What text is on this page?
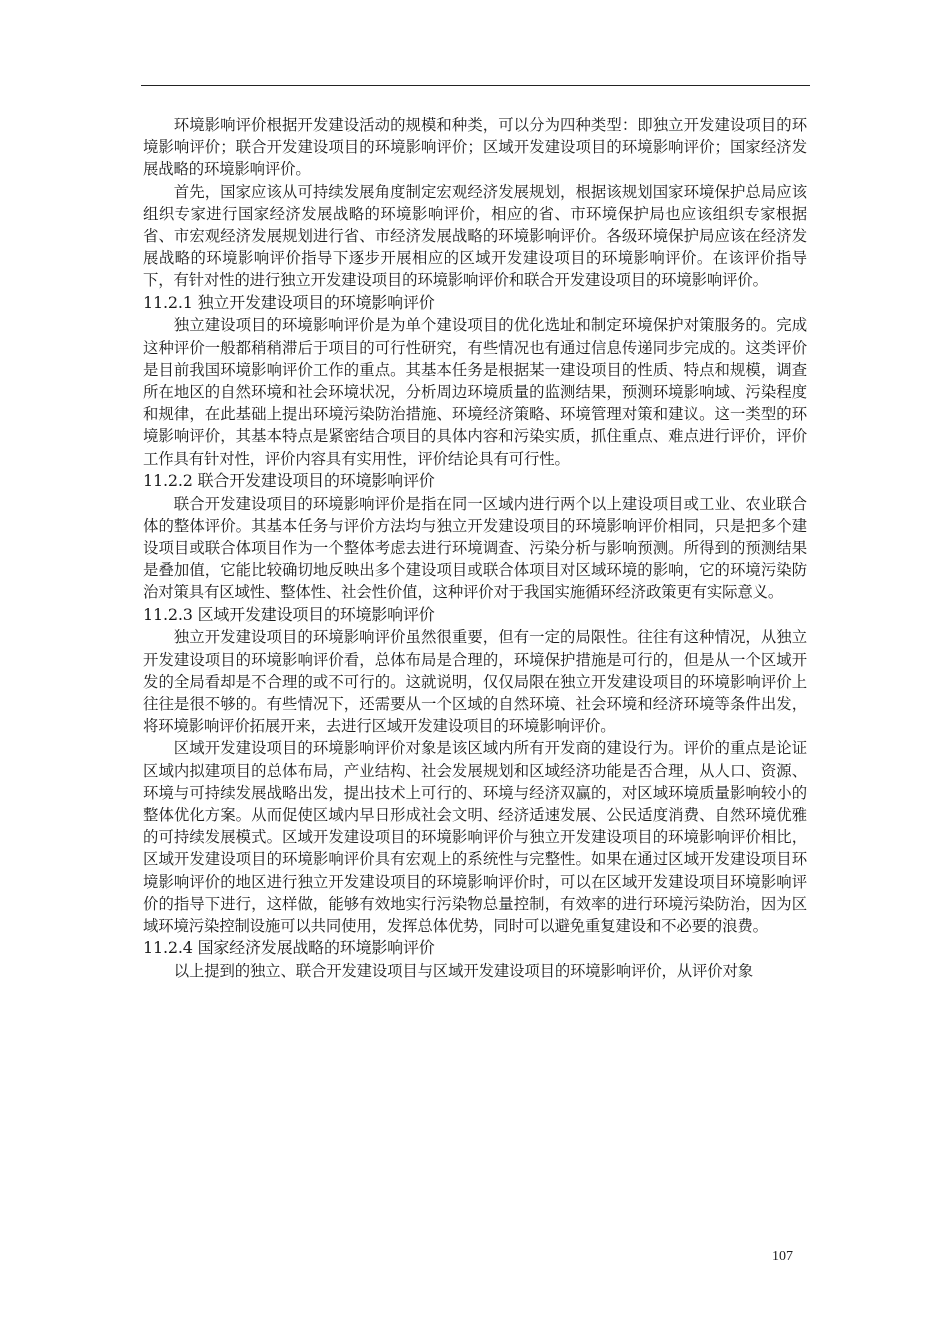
环境影响评价根据开发建设活动的规模和种类，可以分为四种类型：即独立开发建设项目的环境影响评价；联合开发建设项目的环境影响评价；区域开发建设项目的环境影响评价；国家经济发展战略的环境影响评价。

首先，国家应该从可持续发展角度制定宏观经济发展规划，根据该规划国家环境保护总局应该组织专家进行国家经济发展战略的环境影响评价，相应的省、市环境保护局也应该组织专家根据省、市宏观经济发展规划进行省、市经济发展战略的环境影响评价。各级环境保护局应该在经济发展战略的环境影响评价指导下逐步开展相应的区域开发建设项目的环境影响评价。在该评价指导下，有针对性的进行独立开发建设项目的环境影响评价和联合开发建设项目的环境影响评价。

11.2.1 独立开发建设项目的环境影响评价

独立建设项目的环境影响评价是为单个建设项目的优化选址和制定环境保护对策服务的。完成这种评价一般都稍稍滞后于项目的可行性研究，有些情况也有通过信息传递同步完成的。这类评价是目前我国环境影响评价工作的重点。其基本任务是根据某一建设项目的性质、特点和规模，调查所在地区的自然环境和社会环境状况，分析周边环境质量的监测结果，预测环境影响域、污染程度和规律，在此基础上提出环境污染防治措施、环境经济策略、环境管理对策和建议。这一类型的环境影响评价，其基本特点是紧密结合项目的具体内容和污染实质，抓住重点、难点进行评价，评价工作具有针对性，评价内容具有实用性，评价结论具有可行性。

11.2.2 联合开发建设项目的环境影响评价

联合开发建设项目的环境影响评价是指在同一区域内进行两个以上建设项目或工业、农业联合体的整体评价。其基本任务与评价方法均与独立开发建设项目的环境影响评价相同，只是把多个建设项目或联合体项目作为一个整体考虑去进行环境调查、污染分析与影响预测。所得到的预测结果是叠加值，它能比较确切地反映出多个建设项目或联合体项目对区域环境的影响，它的环境污染防治对策具有区域性、整体性、社会性价值，这种评价对于我国实施循环经济政策更有实际意义。

11.2.3 区域开发建设项目的环境影响评价

独立开发建设项目的环境影响评价虽然很重要，但有一定的局限性。往往有这种情况，从独立开发建设项目的环境影响评价看，总体布局是合理的，环境保护措施是可行的，但是从一个区域开发的全局看却是不合理的或不可行的。这就说明，仅仅局限在独立开发建设项目的环境影响评价上往往是很不够的。有些情况下，还需要从一个区域的自然环境、社会环境和经济环境等条件出发，将环境影响评价拓展开来，去进行区域开发建设项目的环境影响评价。

区域开发建设项目的环境影响评价对象是该区域内所有开发商的建设行为。评价的重点是论证区域内拟建项目的总体布局，产业结构、社会发展规划和区域经济功能是否合理，从人口、资源、环境与可持续发展战略出发，提出技术上可行的、环境与经济双赢的，对区域环境质量影响较小的整体优化方案。从而促使区域内早日形成社会文明、经济适速发展、公民适度消费、自然环境优雅的可持续发展模式。区域开发建设项目的环境影响评价与独立开发建设项目的环境影响评价相比，区域开发建设项目的环境影响评价具有宏观上的系统性与完整性。如果在通过区域开发建设项目环境影响评价的地区进行独立开发建设项目的环境影响评价时，可以在区域开发建设项目环境影响评价的指导下进行，这样做，能够有效地实行污染物总量控制，有效率的进行环境污染防治，因为区域环境污染控制设施可以共同使用，发挥总体优势，同时可以避免重复建设和不必要的浪费。

11.2.4 国家经济发展战略的环境影响评价

以上提到的独立、联合开发建设项目与区域开发建设项目的环境影响评价，从评价对象

107
